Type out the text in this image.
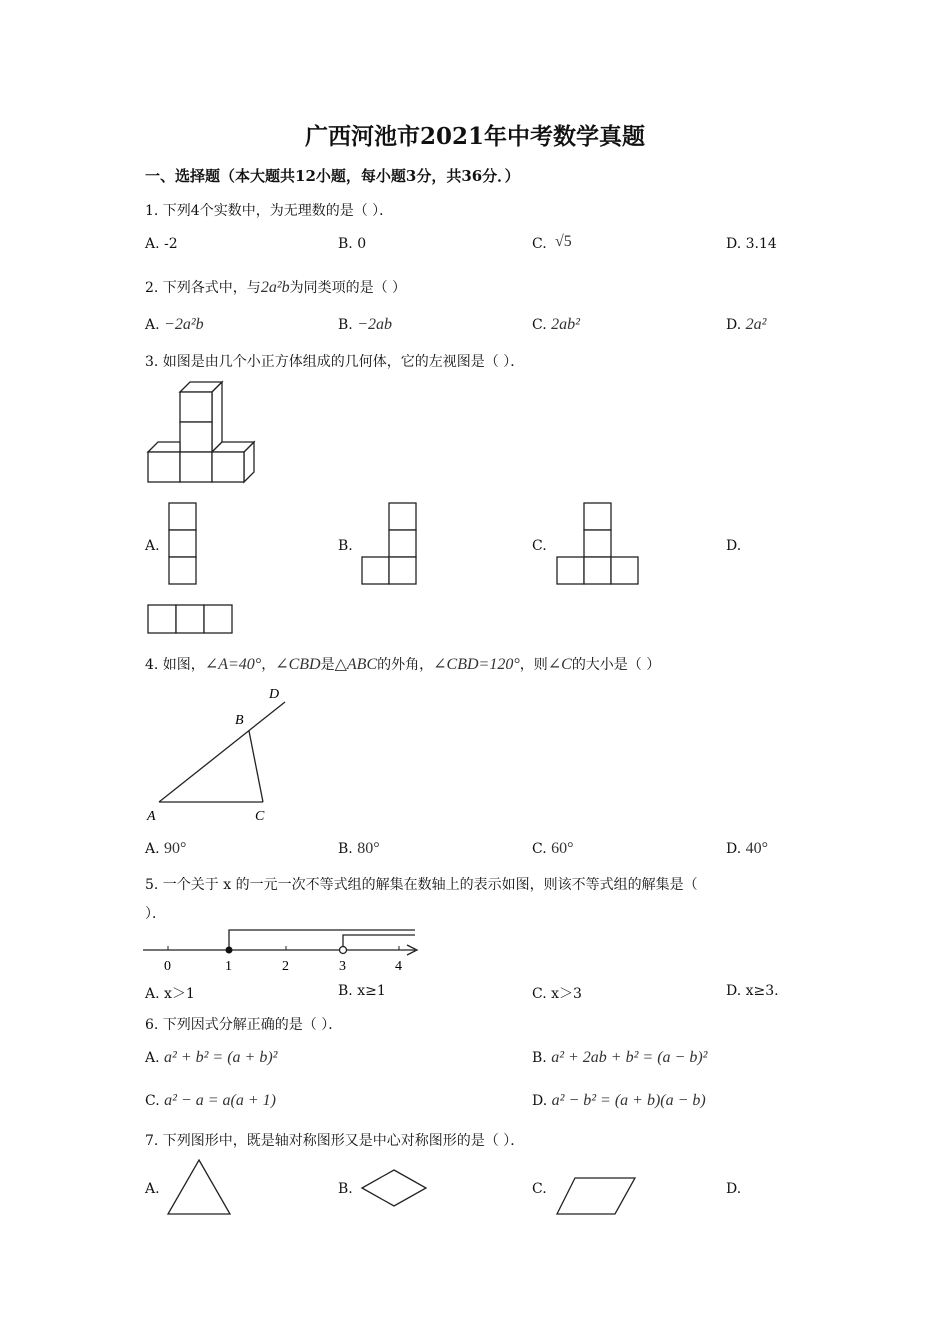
广西河池市2021年中考数学真题
一、选择题（本大题共12小题，每小题3分，共36分．）
1. 下列4个实数中，为无理数的是（ ）．
A. -2	B. 0	C. √5	D. 3.14
2. 下列各式中，与2a²b为同类项的是（ ）
A. −2a²b	B. −2ab	C. 2ab²	D. 2a²
3. 如图是由几个小正方体组成的几何体，它的左视图是（ ）．
A.	B.	C.	D.
4. 如图，∠A=40°，∠CBD是△ABC的外角，∠CBD=120°，则∠C的大小是（ ）
A	C
B
D
A. 90°	B. 80°	C. 60°	D. 40°
5. 一个关于 x 的一元一次不等式组的解集在数轴上的表示如图，则该不等式组的解集是（
）．
0	1	2	3	4
A. x＞1	B. x≥1	C. x＞3	D. x≥3.
6. 下列因式分解正确的是（ ）．
A. a² + b² = (a + b)²	B. a² + 2ab + b² = (a − b)²
C. a² − a = a(a + 1)	D. a² − b² = (a + b)(a − b)
7. 下列图形中，既是轴对称图形又是中心对称图形的是（ ）．
A.	B.	C.	D.
